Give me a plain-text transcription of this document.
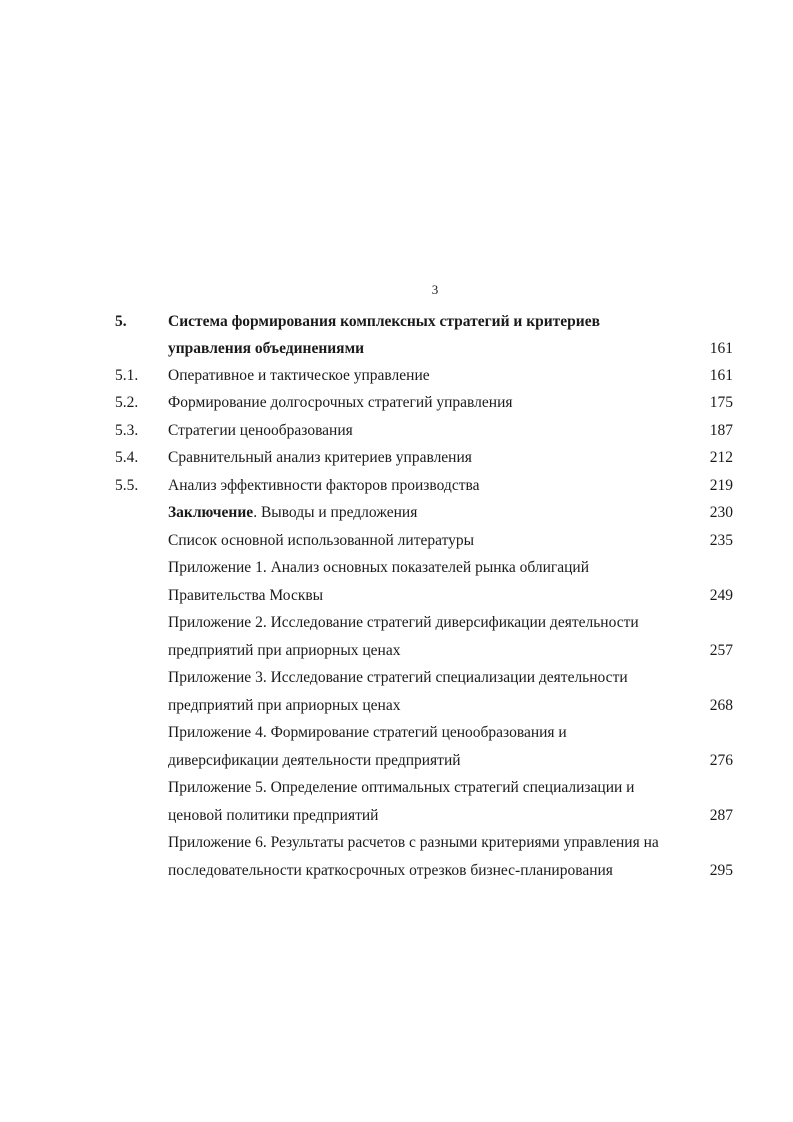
3
5.	Система формирования комплексных стратегий и критериев
управления объединениями	161
5.1. Оперативное и тактическое управление	161
5.2. Формирование долгосрочных стратегий управления	175
5.3. Стратегии ценообразования	187
5.4. Сравнительный анализ критериев управления	212
5.5. Анализ эффективности факторов производства	219
Заключение. Выводы и предложения	230
Список основной использованной литературы	235
Приложение 1. Анализ основных показателей рынка облигаций
Правительства Москвы	249
Приложение 2. Исследование стратегий диверсификации деятельности
предприятий при априорных ценах	257
Приложение 3. Исследование стратегий специализации деятельности
предприятий при априорных ценах	268
Приложение 4. Формирование стратегий ценообразования и
диверсификации деятельности предприятий	276
Приложение 5. Определение оптимальных стратегий специализации и
ценовой политики предприятий	287
Приложение 6. Результаты расчетов с разными критериями управления на
последовательности краткосрочных отрезков бизнес-планирования	295
